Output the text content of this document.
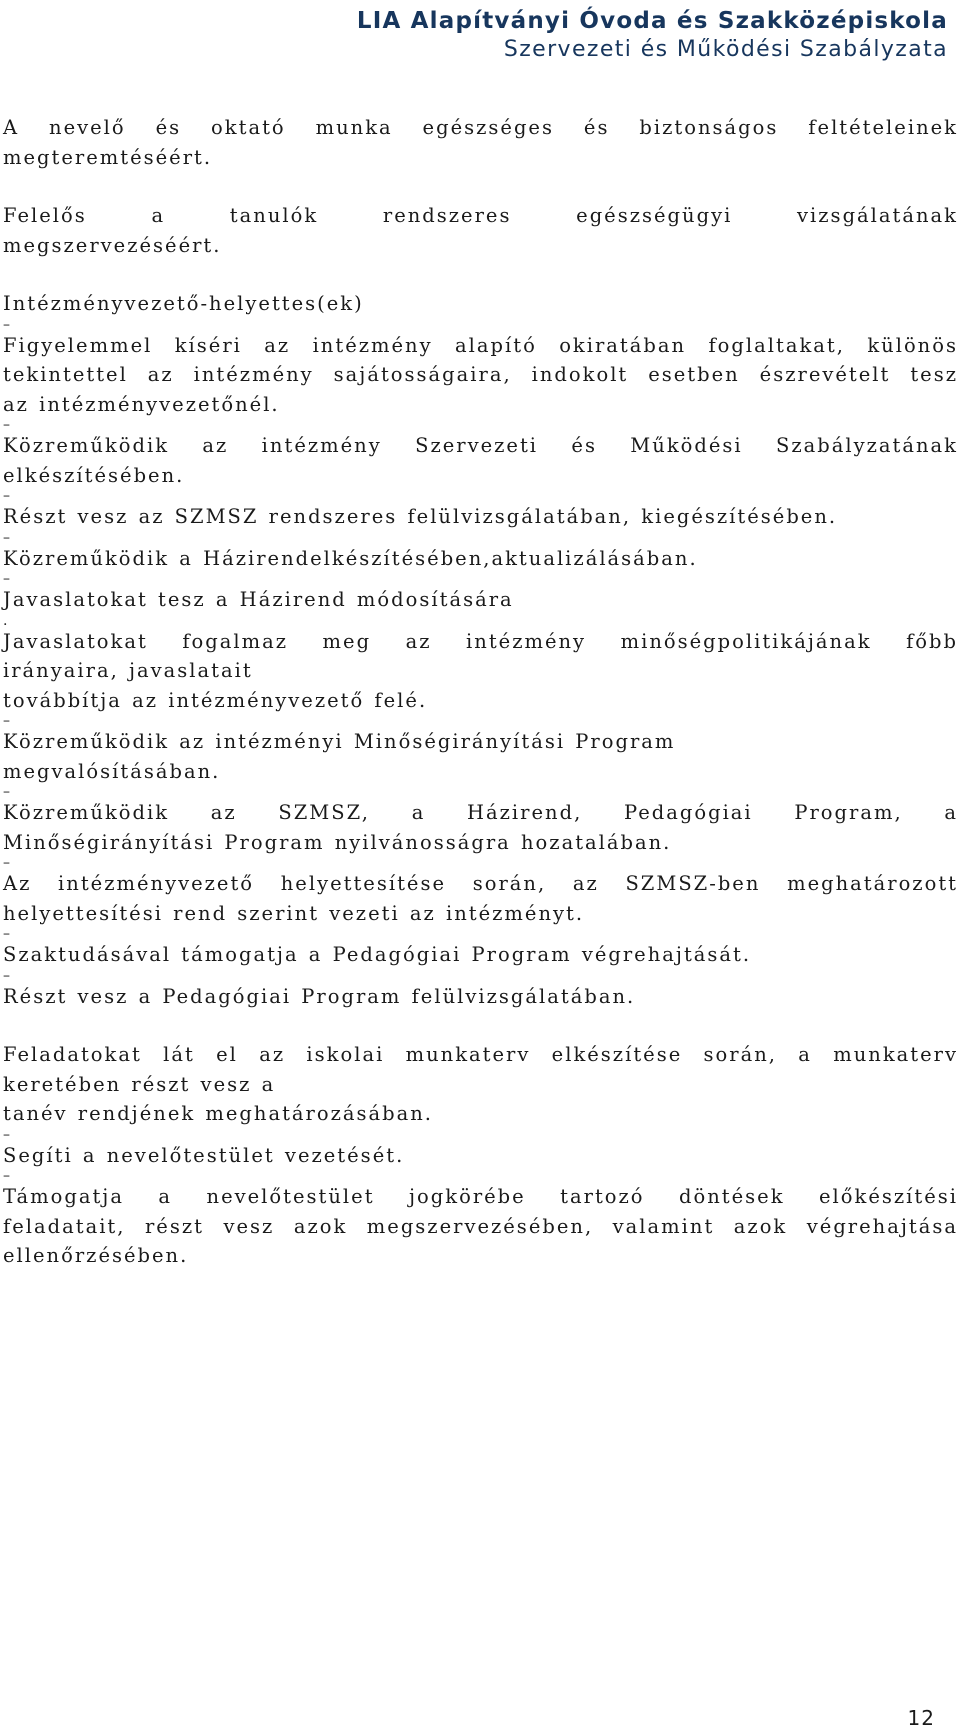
LIA Alapítványi Óvoda és Szakközépiskola
Szervezeti és Működési Szabályzata
A nevelő és oktató munka egészséges és biztonságos feltételeinek
megteremtéséért.
Felelős a tanulók rendszeres egészségügyi vizsgálatának
megszervezéséért.
Intézményvezető-helyettes(ek)
–
Figyelemmel kíséri az intézmény alapító okiratában foglaltakat, különös
tekintettel az intézmény sajátosságaira, indokolt esetben észrevételt tesz
az intézményvezetőnél.
–
Közreműködik az intézmény Szervezeti és Működési Szabályzatának
elkészítésében.
–
Részt vesz az SZMSZ rendszeres felülvizsgálatában, kiegészítésében.
–
Közreműködik a Házirendelkészítésében,aktualizálásában.
–
Javaslatokat tesz a Házirend módosítására
.
Javaslatokat fogalmaz meg az intézmény minőségpolitikájának főbb
irányaira, javaslatait
továbbítja az intézményvezető felé.
–
Közreműködik az intézményi Minőségirányítási Program
megvalósításában.
–
Közreműködik az SZMSZ, a Házirend, Pedagógiai Program, a
Minőségirányítási Program nyilvánosságra hozatalában.
–
Az intézményvezető helyettesítése során, az SZMSZ-ben meghatározott
helyettesítési rend szerint vezeti az intézményt.
–
Szaktudásával támogatja a Pedagógiai Program végrehajtását.
–
Részt vesz a Pedagógiai Program felülvizsgálatában.
Feladatokat lát el az iskolai munkaterv elkészítése során, a munkaterv
keretében részt vesz a
tanév rendjének meghatározásában.
–
Segíti a nevelőtestület vezetését.
–
Támogatja a nevelőtestület jogkörébe tartozó döntések előkészítési
feladatait, részt vesz azok megszervezésében, valamint azok végrehajtása
ellenőrzésében.
12
